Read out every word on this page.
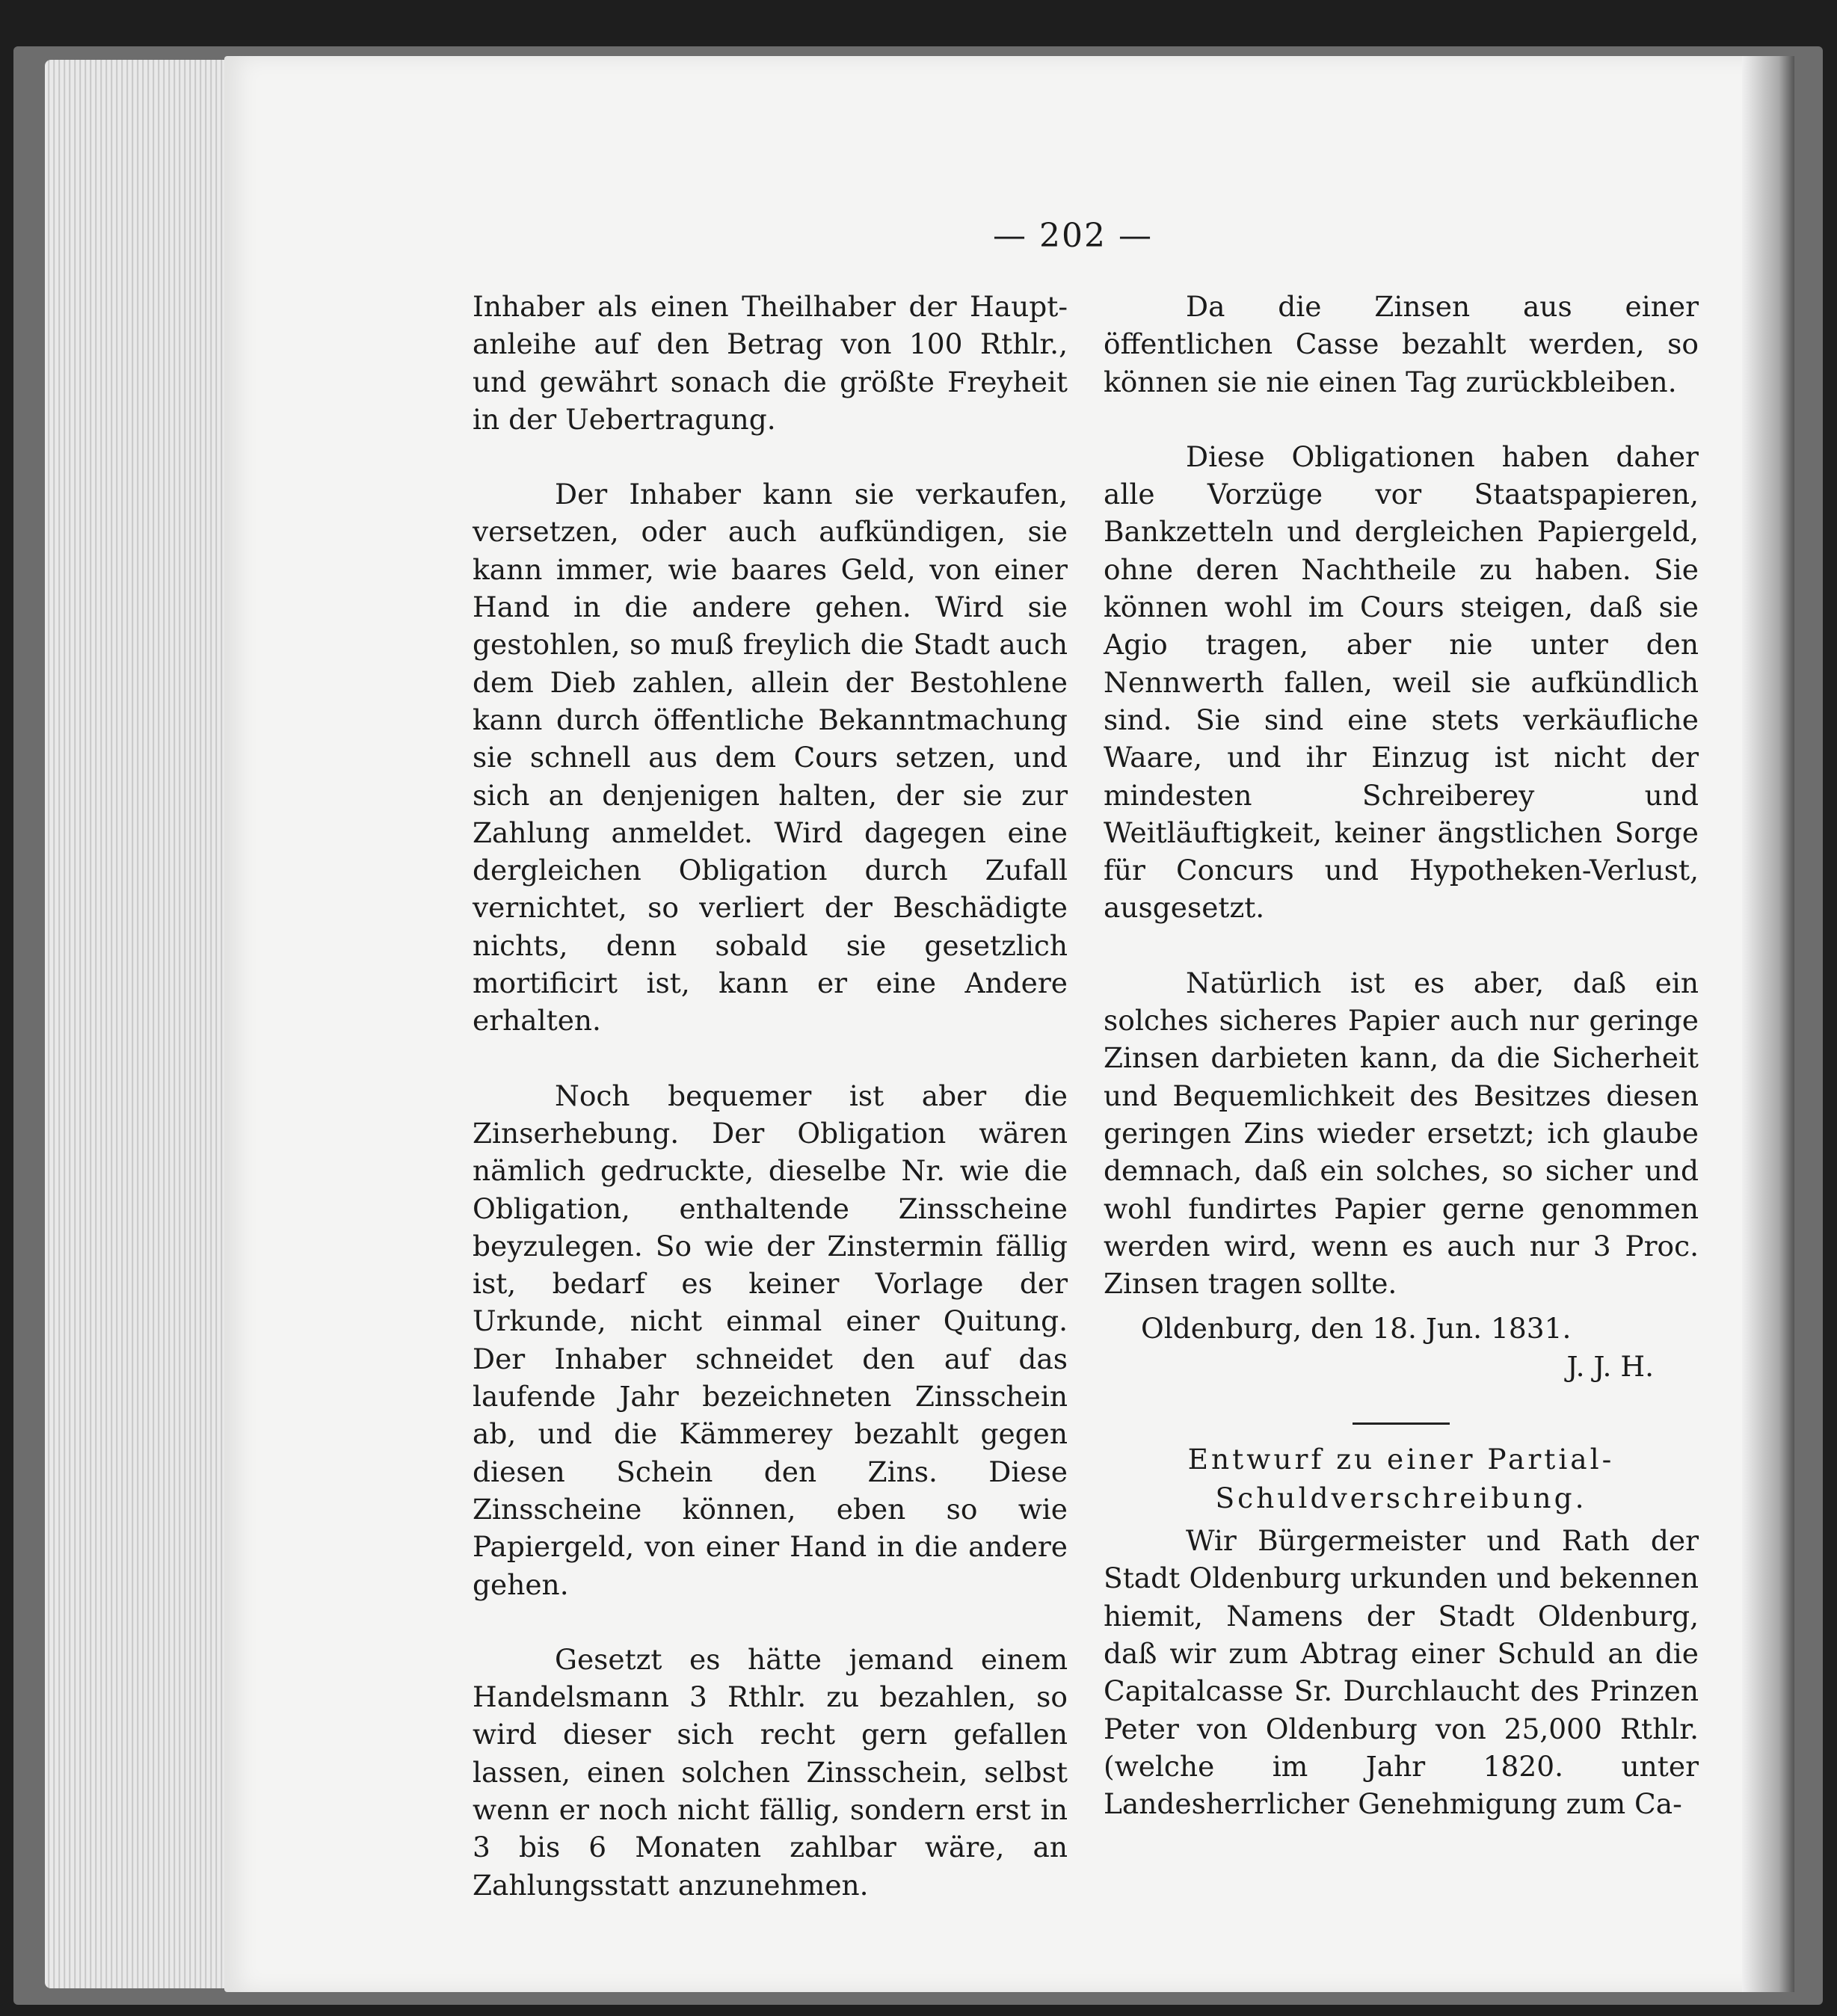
— 202 —

Inhaber als einen Theilhaber der Haupt-anleihe auf den Betrag von 100 Rthlr., und gewährt sonach die größte Freyheit in der Uebertragung.

Der Inhaber kann sie verkaufen, versetzen, oder auch aufkündigen, sie kann immer, wie baares Geld, von einer Hand in die andere gehen. Wird sie gestohlen, so muß freylich die Stadt auch dem Dieb zahlen, allein der Bestohlene kann durch öffentliche Bekanntmachung sie schnell aus dem Cours setzen, und sich an denjenigen halten, der sie zur Zahlung anmeldet. Wird dagegen eine dergleichen Obligation durch Zufall vernichtet, so verliert der Beschädigte nichts, denn sobald sie gesetzlich mortificirt ist, kann er eine Andere erhalten.

Noch bequemer ist aber die Zinserhebung. Der Obligation wären nämlich gedruckte, dieselbe Nr. wie die Obligation, enthaltende Zinsscheine beyzulegen. So wie der Zinstermin fällig ist, bedarf es keiner Vorlage der Urkunde, nicht einmal einer Quitung. Der Inhaber schneidet den auf das laufende Jahr bezeichneten Zinsschein ab, und die Kämmerey bezahlt gegen diesen Schein den Zins. Diese Zinsscheine können, eben so wie Papiergeld, von einer Hand in die andere gehen.

Gesetzt es hätte jemand einem Handelsmann 3 Rthlr. zu bezahlen, so wird dieser sich recht gern gefallen lassen, einen solchen Zinsschein, selbst wenn er noch nicht fällig, sondern erst in 3 bis 6 Monaten zahlbar wäre, an Zahlungsstatt anzunehmen.

Da die Zinsen aus einer öffentlichen Casse bezahlt werden, so können sie nie einen Tag zurückbleiben.

Diese Obligationen haben daher alle Vorzüge vor Staatspapieren, Bankzetteln und dergleichen Papiergeld, ohne deren Nachtheile zu haben. Sie können wohl im Cours steigen, daß sie Agio tragen, aber nie unter den Nennwerth fallen, weil sie aufkündlich sind. Sie sind eine stets verkäufliche Waare, und ihr Einzug ist nicht der mindesten Schreiberey und Weitläuftigkeit, keiner ängstlichen Sorge für Concurs und Hypotheken-Verlust, ausgesetzt.

Natürlich ist es aber, daß ein solches sicheres Papier auch nur geringe Zinsen darbieten kann, da die Sicherheit und Bequemlichkeit des Besitzes diesen geringen Zins wieder ersetzt; ich glaube demnach, daß ein solches, so sicher und wohl fundirtes Papier gerne genommen werden wird, wenn es auch nur 3 Proc. Zinsen tragen sollte.

Oldenburg, den 18. Jun. 1831.
J. J. H.
Entwurf zu einer Partial-
Schuldverschreibung.

Wir Bürgermeister und Rath der Stadt Oldenburg urkunden und bekennen hiemit, Namens der Stadt Oldenburg, daß wir zum Abtrag einer Schuld an die Capitalcasse Sr. Durchlaucht des Prinzen Peter von Oldenburg von 25,000 Rthlr. (welche im Jahr 1820. unter Landesherrlicher Genehmigung zum Ca-
